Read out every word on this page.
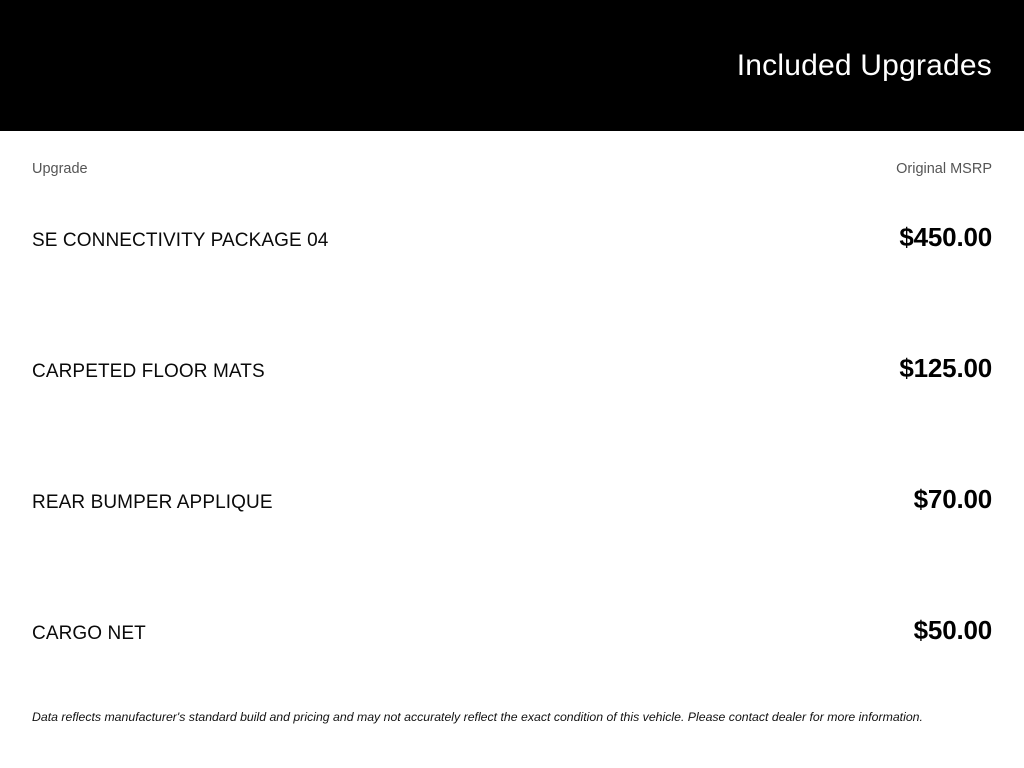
Included Upgrades
Upgrade	Original MSRP
SE CONNECTIVITY PACKAGE 04	$450.00
CARPETED FLOOR MATS	$125.00
REAR BUMPER APPLIQUE	$70.00
CARGO NET	$50.00
Data reflects manufacturer's standard build and pricing and may not accurately reflect the exact condition of this vehicle. Please contact dealer for more information.
